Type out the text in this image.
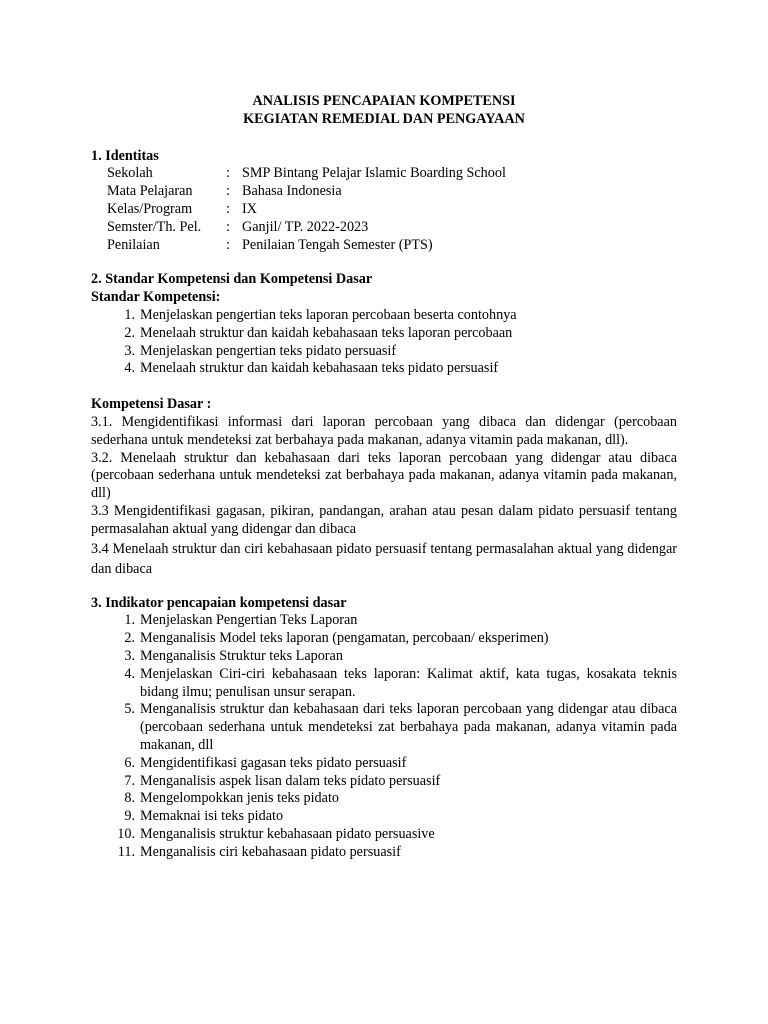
ANALISIS PENCAPAIAN KOMPETENSI
KEGIATAN REMEDIAL DAN PENGAYAAN
1. Identitas
Sekolah	: SMP Bintang Pelajar Islamic Boarding School
Mata Pelajaran	: Bahasa Indonesia
Kelas/Program	: IX
Semster/Th. Pel.	: Ganjil/ TP. 2022-2023
Penilaian	: Penilaian Tengah Semester (PTS)
2. Standar Kompetensi dan Kompetensi Dasar
Standar Kompetensi:
1. Menjelaskan pengertian teks laporan percobaan beserta contohnya
2. Menelaah struktur dan kaidah kebahasaan teks laporan percobaan
3. Menjelaskan pengertian teks pidato persuasif
4. Menelaah struktur dan kaidah kebahasaan teks pidato persuasif
Kompetensi Dasar :
3.1. Mengidentifikasi informasi dari laporan percobaan yang dibaca dan didengar (percobaan sederhana untuk mendeteksi zat berbahaya pada makanan, adanya vitamin pada makanan, dll).
3.2. Menelaah struktur dan kebahasaan dari teks laporan percobaan yang didengar atau dibaca (percobaan sederhana untuk mendeteksi zat berbahaya pada makanan, adanya vitamin pada makanan, dll)
3.3 Mengidentifikasi gagasan, pikiran, pandangan, arahan atau pesan dalam pidato persuasif tentang permasalahan aktual yang didengar dan dibaca
3.4 Menelaah struktur dan ciri kebahasaan pidato persuasif tentang permasalahan aktual yang didengar dan dibaca
3. Indikator pencapaian kompetensi dasar
1. Menjelaskan Pengertian Teks Laporan
2. Menganalisis Model teks laporan (pengamatan, percobaan/ eksperimen)
3. Menganalisis Struktur teks Laporan
4. Menjelaskan Ciri-ciri kebahasaan teks laporan: Kalimat aktif, kata tugas, kosakata teknis bidang ilmu; penulisan unsur serapan.
5. Menganalisis struktur dan kebahasaan dari teks laporan percobaan yang didengar atau dibaca (percobaan sederhana untuk mendeteksi zat berbahaya pada makanan, adanya vitamin pada makanan, dll
6. Mengidentifikasi gagasan teks pidato persuasif
7. Menganalisis aspek lisan dalam teks pidato persuasif
8. Mengelompokkan jenis teks pidato
9. Memaknai isi teks pidato
10. Menganalisis struktur kebahasaan pidato persuasive
11. Menganalisis ciri kebahasaan pidato persuasif
